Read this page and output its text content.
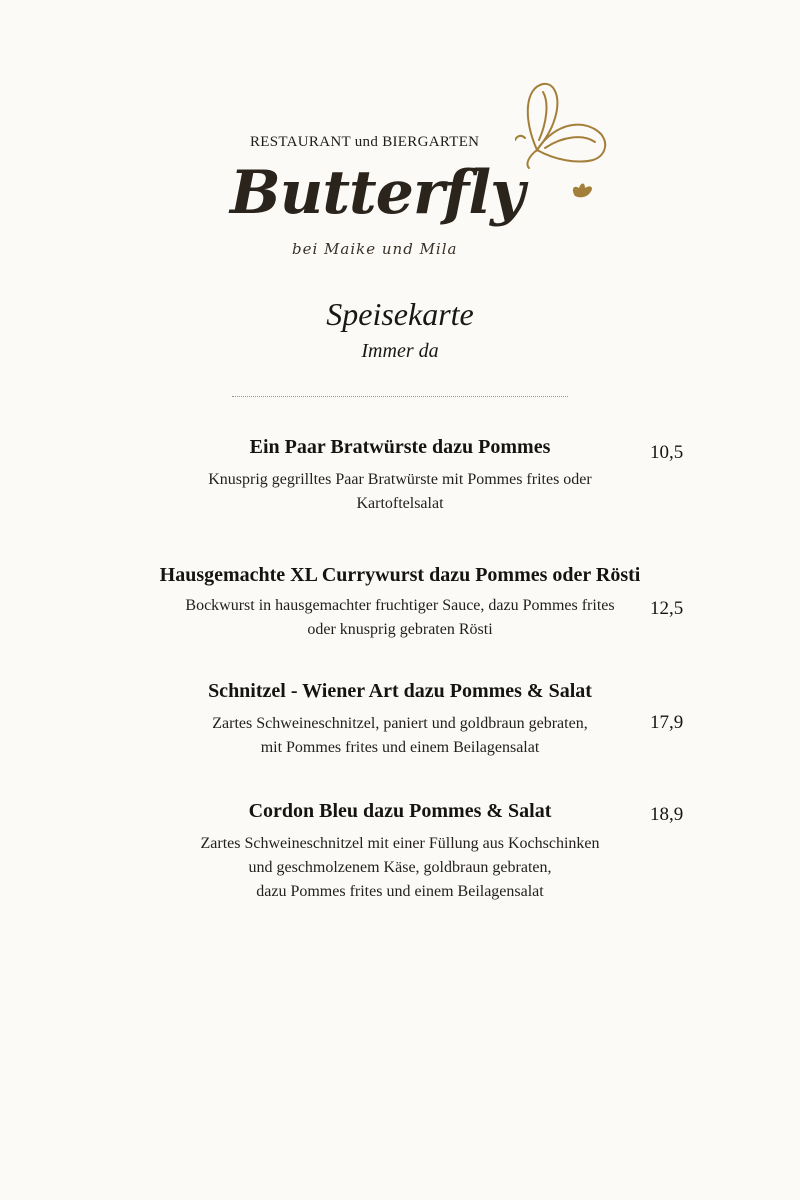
RESTAURANT und BIERGARTEN
Butterfly
bei Maike und Mila
Speisekarte
Immer da
Ein Paar Bratwürste dazu Pommes	10,5
Knusprig gegrilltes Paar Bratwürste mit Pommes frites oder
Kartoftelsalat
Hausgemachte XL Currywurst dazu Pommes oder Rösti
12,5
Bockwurst in hausgemachter fruchtiger Sauce, dazu Pommes frites
oder knusprig gebraten Rösti
Schnitzel - Wiener Art dazu Pommes & Salat
17,9
Zartes Schweineschnitzel, paniert und goldbraun gebraten,
mit Pommes frites und einem Beilagensalat
Cordon Bleu dazu Pommes & Salat	18,9
Zartes Schweineschnitzel mit einer Füllung aus Kochschinken
und geschmolzenem Käse, goldbraun gebraten,
dazu Pommes frites und einem Beilagensalat
